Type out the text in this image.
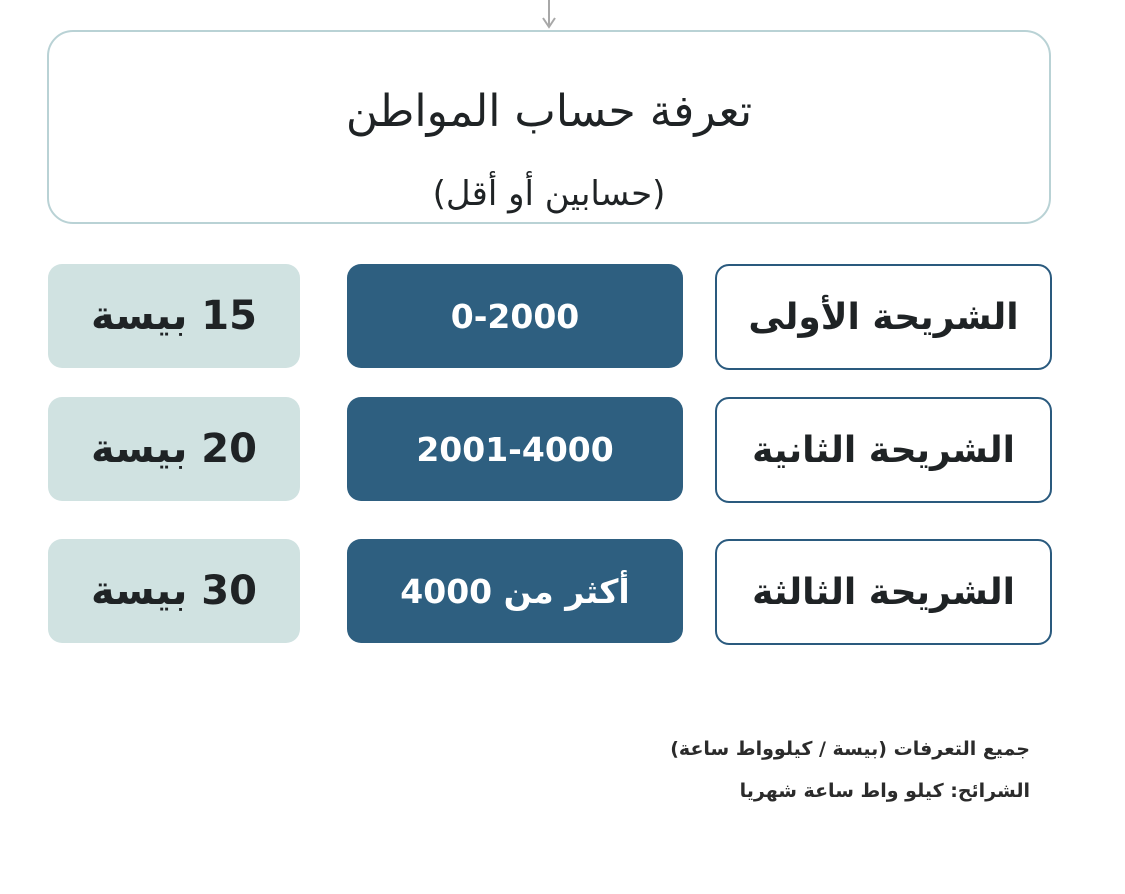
تعرفة حساب المواطن
(حسابين أو أقل)
الشريحة الأولى
0-2000
15 بيسة
الشريحة الثانية
2001-4000
20 بيسة
الشريحة الثالثة
أكثر من 4000
30 بيسة
جميع التعرفات (بيسة / كيلوواط ساعة)
الشرائح: كيلو واط ساعة شهريا
